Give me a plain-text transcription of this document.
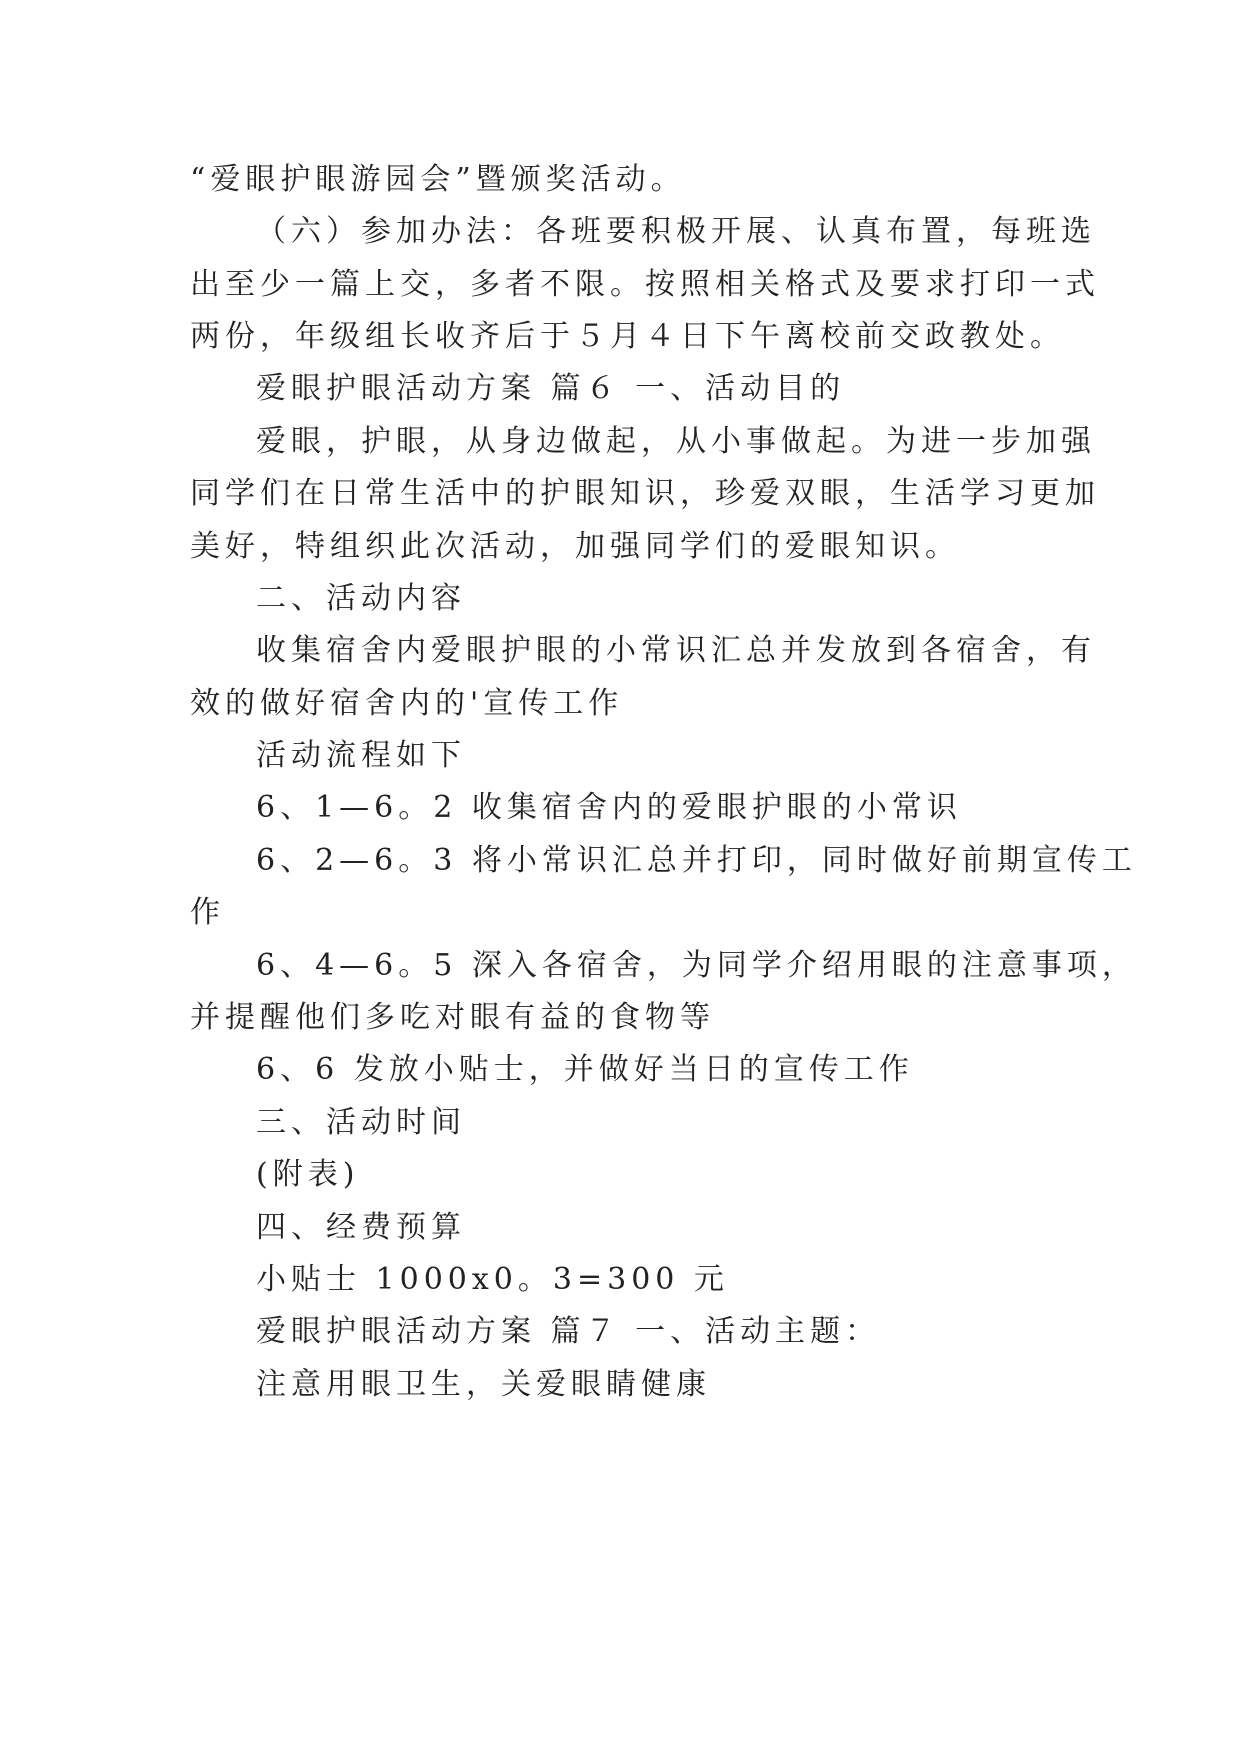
“爱眼护眼游园会”暨颁奖活动。
（六）参加办法：各班要积极开展、认真布置，每班选
出至少一篇上交，多者不限。按照相关格式及要求打印一式
两份，年级组长收齐后于５月４日下午离校前交政教处。
爱眼护眼活动方案 篇６ 一、活动目的
爱眼，护眼，从身边做起，从小事做起。为进一步加强
同学们在日常生活中的护眼知识，珍爱双眼，生活学习更加
美好，特组织此次活动，加强同学们的爱眼知识。
二、活动内容
收集宿舍内爱眼护眼的小常识汇总并发放到各宿舍，有
效的做好宿舍内的'宣传工作
活动流程如下
6、1—6。2 收集宿舍内的爱眼护眼的小常识
6、2—6。3 将小常识汇总并打印，同时做好前期宣传工
作
6、4—6。5 深入各宿舍，为同学介绍用眼的注意事项，
并提醒他们多吃对眼有益的食物等
6、6 发放小贴士，并做好当日的宣传工作
三、活动时间
(附表)
四、经费预算
小贴士 1000x0。3=300 元
爱眼护眼活动方案 篇７ 一、活动主题：
注意用眼卫生，关爱眼睛健康
